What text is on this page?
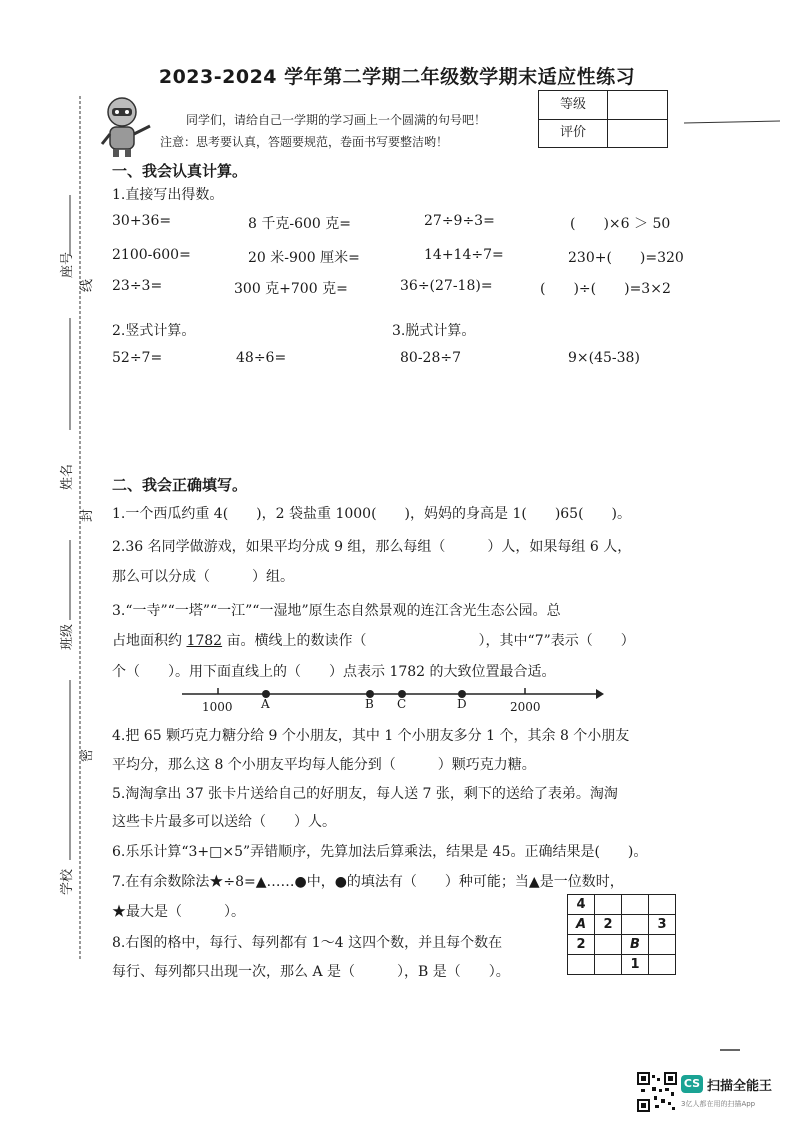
2023-2024 学年第二学期二年级数学期末适应性练习
座号
姓名
班级
学校
线
封
密
同学们，请给自己一学期的学习画上一个圆满的句号吧！
注意：思考要认真，答题要规范，卷面书写要整洁哟！
等级
评价
一、我会认真计算。
1.直接写出得数。
30+36=	8 千克-600 克=	27÷9÷3=	(　　)×6 ＞ 50
2100-600=	20 米-900 厘米=	14+14÷7=	230+(　　)=320
23÷3=	300 克+700 克=	36÷(27-18)=	(　　)÷(　　)=3×2
2.竖式计算。	3.脱式计算。
52÷7=	48÷6=	80-28÷7	9×(45-38)
二、我会正确填写。
1.一个西瓜约重 4(　　)，2 袋盐重 1000(　　)，妈妈的身高是 1(　　)65(　　)。
2.36 名同学做游戏，如果平均分成 9 组，那么每组（　　　）人，如果每组 6 人，
那么可以分成（　　　）组。
3.“一寺”“一塔”“一江”“一湿地”原生态自然景观的连江含光生态公园。总
占地面积约 1782 亩。横线上的数读作（　　　　　　　　），其中“7”表示（　　）
个（　　）。用下面直线上的（　　）点表示 1782 的大致位置最合适。
1000	2000
A	B C	D
4.把 65 颗巧克力糖分给 9 个小朋友，其中 1 个小朋友多分 1 个，其余 8 个小朋友
平均分，那么这 8 个小朋友平均每人能分到（　　　）颗巧克力糖。
5.淘淘拿出 37 张卡片送给自己的好朋友，每人送 7 张，剩下的送给了表弟。淘淘
这些卡片最多可以送给（　　）人。
6.乐乐计算“3+□×5”弄错顺序，先算加法后算乘法，结果是 45。正确结果是(　　)。
7.在有余数除法★÷8=▲……●中，●的填法有（　　）种可能；当▲是一位数时，
★最大是（　　　）。
8.右图的格中，每行、每列都有 1～4 这四个数，并且每个数在
每行、每列都只出现一次，那么 A 是（　　　），B 是（　　）。
4			
A	2		3
2		B	
		1	
CS 扫描全能王
3亿人都在用的扫描App
